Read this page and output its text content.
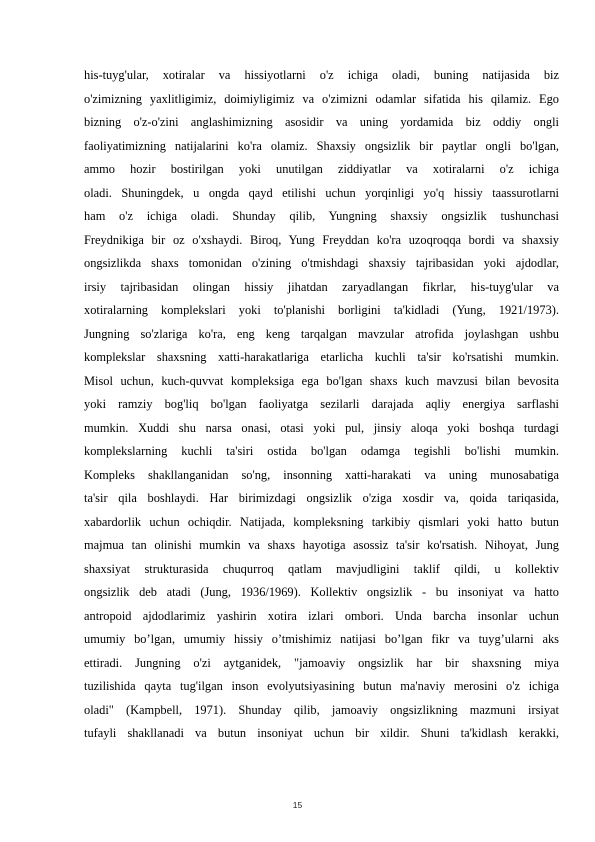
his-tuyg'ular, xotiralar va hissiyotlarni o'z ichiga oladi, buning natijasida biz
o'zimizning yaxlitligimiz, doimiyligimiz va o'zimizni odamlar sifatida his qilamiz. Ego
bizning o'z-o'zini anglashimizning asosidir va uning yordamida biz oddiy ongli
faoliyatimizning natijalarini ko'ra olamiz. Shaxsiy ongsizlik bir paytlar ongli bo'lgan,
ammo hozir bostirilgan yoki unutilgan ziddiyatlar va xotiralarni o'z ichiga
oladi. Shuningdek, u ongda qayd etilishi uchun yorqinligi yo'q hissiy taassurotlarni
ham o'z ichiga oladi. Shunday qilib, Yungning shaxsiy ongsizlik tushunchasi
Freydnikiga bir oz o'xshaydi. Biroq, Yung Freyddan ko'ra uzoqroqqa bordi va shaxsiy
ongsizlikda shaxs tomonidan o'zining o'tmishdagi shaxsiy tajribasidan yoki ajdodlar,
irsiy tajribasidan olingan hissiy jihatdan zaryadlangan fikrlar, his-tuyg'ular va
xotiralarning komplekslari yoki to'planishi borligini ta'kidladi (Yung, 1921/1973).
Jungning so'zlariga ko'ra, eng keng tarqalgan mavzular atrofida joylashgan ushbu
komplekslar shaxsning xatti-harakatlariga etarlicha kuchli ta'sir ko'rsatishi mumkin.
Misol uchun, kuch-quvvat kompleksiga ega bo'lgan shaxs kuch mavzusi bilan bevosita
yoki ramziy bog'liq bo'lgan faoliyatga sezilarli darajada aqliy energiya sarflashi
mumkin. Xuddi shu narsa onasi, otasi yoki pul, jinsiy aloqa yoki boshqa turdagi
komplekslarning kuchli ta'siri ostida bo'lgan odamga tegishli bo'lishi mumkin.
Kompleks shakllanganidan so'ng, insonning xatti-harakati va uning munosabatiga
ta'sir qila boshlaydi. Har birimizdagi ongsizlik o'ziga xosdir va, qoida tariqasida,
xabardorlik uchun ochiqdir. Natijada, kompleksning tarkibiy qismlari yoki hatto butun
majmua tan olinishi mumkin va shaxs hayotiga asossiz ta'sir ko'rsatish. Nihoyat, Jung
shaxsiyat strukturasida chuqurroq qatlam mavjudligini taklif qildi, u kollektiv
ongsizlik deb atadi (Jung, 1936/1969). Kollektiv ongsizlik - bu insoniyat va hatto
antropoid ajdodlarimiz yashirin xotira izlari ombori. Unda barcha insonlar uchun
umumiy bo’lgan, umumiy hissiy o’tmishimiz natijasi bo’lgan fikr va tuyg’ularni aks
ettiradi. Jungning o'zi aytganidek, "jamoaviy ongsizlik har bir shaxsning miya
tuzilishida qayta tug'ilgan inson evolyutsiyasining butun ma'naviy merosini o'z ichiga
oladi" (Kampbell, 1971). Shunday qilib, jamoaviy ongsizlikning mazmuni irsiyat
tufayli shakllanadi va butun insoniyat uchun bir xildir. Shuni ta'kidlash kerakki,
15
